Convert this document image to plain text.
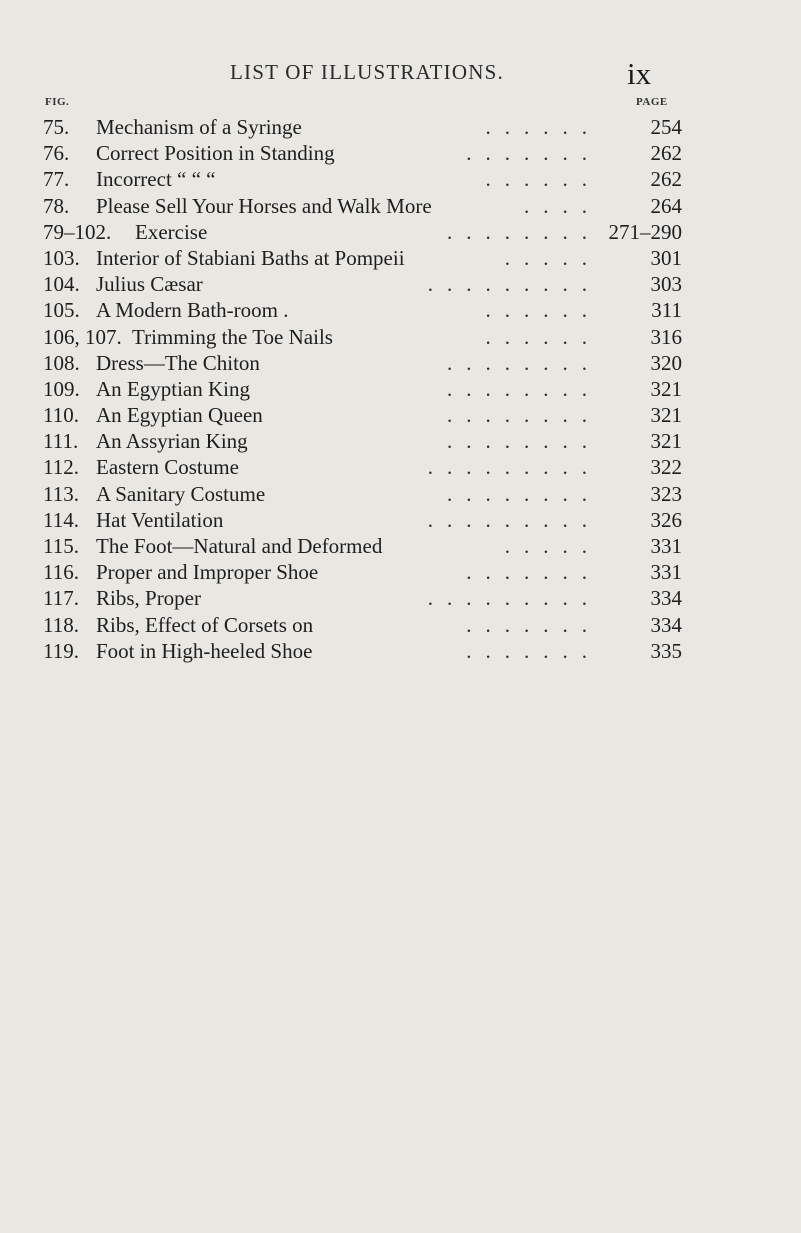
LIST OF ILLUSTRATIONS.	ix
FIG.	PAGE
75. Mechanism of a Syringe	......	254
76. Correct Position in Standing	.......	262
77. Incorrect “ “ “	......	262
78. Please Sell Your Horses and Walk More	....	264
79–102. Exercise	........ 271–290
103. Interior of Stabiani Baths at Pompeii	.....	301
104. Julius Cæsar	.........	303
105. A Modern Bath-room .	......	311
106, 107. Trimming the Toe Nails	......	316
108. Dress—The Chiton	........	320
109. An Egyptian King	........	321
110. An Egyptian Queen	........	321
111. An Assyrian King	........	321
112. Eastern Costume	.........	322
113. A Sanitary Costume	........	323
114. Hat Ventilation	.........	326
115. The Foot—Natural and Deformed	.....	331
116. Proper and Improper Shoe	.......	331
117. Ribs, Proper	.........	334
118. Ribs, Effect of Corsets on	.......	334
119. Foot in High-heeled Shoe	.......	335
